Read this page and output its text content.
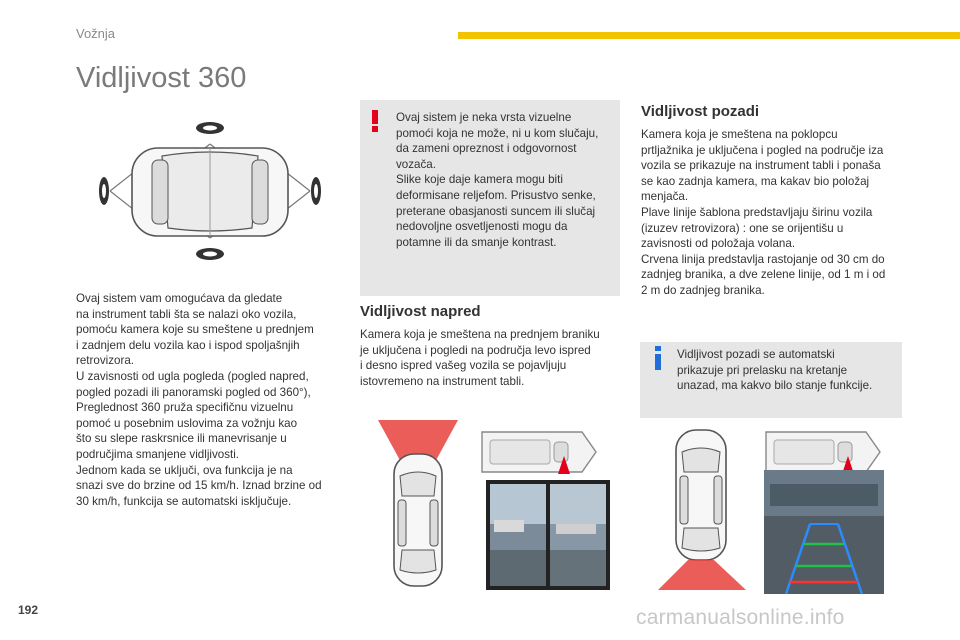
Vožnja
Vidljivost 360
Ovaj sistem vam omogućava da gledate
na instrument tabli šta se nalazi oko vozila,
pomoću kamera koje su smeštene u prednjem
i zadnjem delu vozila kao i ispod spoljašnjih
retrovizora.
U zavisnosti od ugla pogleda (pogled napred,
pogled pozadi ili panoramski pogled od 360°),
Preglednost 360 pruža specifičnu vizuelnu
pomoć u posebnim uslovima za vožnju kao
što su slepe raskrsnice ili manevrisanje u
područjima smanjene vidljivosti.
Jednom kada se uključi, ova funkcija je na
snazi sve do brzine od 15 km/h. Iznad brzine od
30 km/h, funkcija se automatski isključuje.
Ovaj sistem je neka vrsta vizuelne
pomoći koja ne može, ni u kom slučaju,
da zameni opreznost i odgovornost
vozača.
Slike koje daje kamera mogu biti
deformisane reljefom. Prisustvo senke,
preterane obasjanosti suncem ili slučaj
nedovoljne osvetljenosti mogu da
potamne ili da smanje kontrast.
Vidljivost napred
Kamera koja je smeštena na prednjem braniku
je uključena i pogledi na područja levo ispred
i desno ispred vašeg vozila se pojavljuju
istovremeno na instrument tabli.
Vidljivost pozadi
Kamera koja je smeštena na poklopcu
prtljažnika je uključena i pogled na područje iza
vozila se prikazuje na instrument tabli i ponaša
se kao zadnja kamera, ma kakav bio položaj
menjača.
Plave linije šablona predstavljaju širinu vozila
(izuzev retrovizora) : one se orijentišu u
zavisnosti od položaja volana.
Crvena linija predstavlja rastojanje od 30 cm do
zadnjeg branika, a dve zelene linije, od 1 m i od
2 m do zadnjeg branika.
Vidljivost pozadi se automatski
prikazuje pri prelasku na kretanje
unazad, ma kakvo bilo stanje funkcije.
192	carmanualsonline.info
